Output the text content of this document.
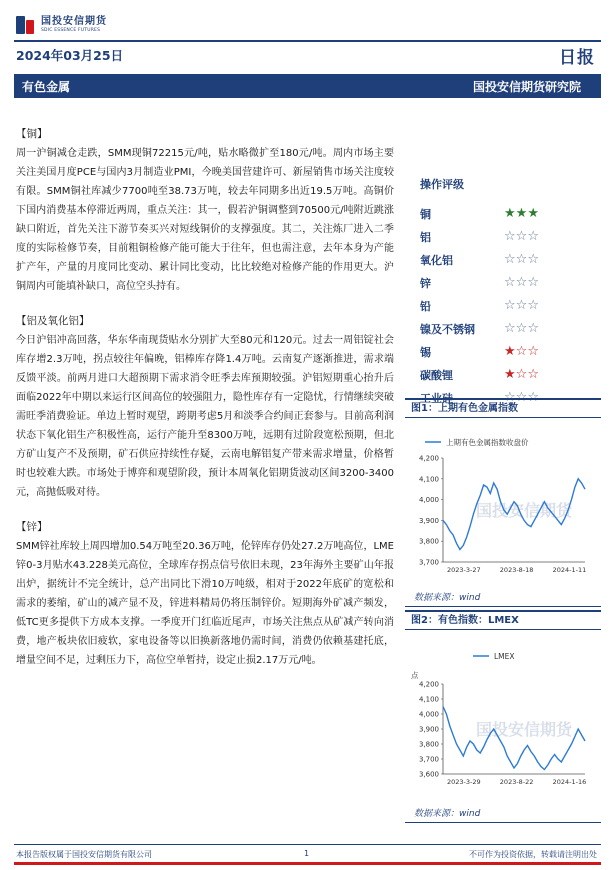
国投安信期货
SDIC ESSENCE FUTURES
2024年03月25日	日报
有色金属	国投安信期货研究院
【铜】
周一沪铜减仓走跌，SMM现铜72215元/吨，贴水略微扩至180元/吨。周内市场主要关注美国月度PCE与国内3月制造业PMI，今晚美国营建许可、新屋销售市场关注度较有限。SMM铜社库减少7700吨至38.73万吨，较去年同期多出近19.5万吨。高铜价下国内消费基本停滞近两周，重点关注：其一，假若沪铜调整到70500元/吨附近跳涨缺口附近，首先关注下游节奏买兴对短线铜价的支撑强度。其二，关注炼厂进入二季度的实际检修节奏，目前粗铜检修产能可能大于往年，但也需注意，去年本身为产能扩产年，产量的月度同比变动、累计同比变动，比比较绝对检修产能的作用更大。沪铜周内可能填补缺口，高位空头持有。
【铝及氧化铝】
今日沪铝冲高回落，华东华南现货贴水分别扩大至80元和120元。过去一周铝锭社会库存增2.3万吨，拐点较往年偏晚，铝棒库存降1.4万吨。云南复产逐渐推进，需求端反馈平淡。前两月进口大超预期下需求消令旺季去库预期较强。沪铝短期重心抬升后面临2022年中期以来运行区间高位的较强阻力，隐性库存有一定隐忧，行情继续突破需旺季消费验证。单边上暂时观望，跨期考虑5月和淡季合约间正套参与。目前高利润状态下氧化铝生产积极性高，运行产能升至8300万吨，远期有过阶段宽松预期，但北方矿山复产不及预期，矿石供应持续性存疑，云南电解铝复产带来需求增量，价格暂时也较难大跌。市场处于博弈和观望阶段，预计本周氧化铝期货波动区间3200-3400元，高抛低吸对待。
【锌】
SMM锌社库较上周四增加0.54万吨至20.36万吨，伦锌库存仍处27.2万吨高位，LME锌0-3月贴水43.228美元高位，全球库存拐点信号依旧未现，23年海外主要矿山年报出炉，据统计不完全统计，总产出同比下滑10万吨级，相对于2022年底矿的宽松和需求的萎缩，矿山的减产显不及，锌进料精局仍将压制锌价。短期海外矿减产频发，低TC更多提供下方成本支撑。一季度开门红临近尾声，市场关注焦点从矿减产转向消费，地产板块依旧疲软，家电设备等以旧换新落地仍需时间，消费仍依赖基建托底，增量空间不足，过剩压力下，高位空单暂持，设定止损2.17万元/吨。
操作评级
铜	★★★
铝	☆☆☆
氧化铝	☆☆☆
锌	☆☆☆
铅	☆☆☆
镍及不锈钢	☆☆☆
锡	★☆☆
碳酸锂	★☆☆
工业硅	☆☆☆
图1：上期有色金属指数
上期有色金属指数收盘价
国投安信期货
3,700
3,800
3,900
4,000
4,100
4,200
2023-3-27	2023-8-18	2024-1-11
数据来源：wind
图2：有色指数：LMEX
LMEX
点
国投安信期货
3,600
3,700
3,800
3,900
4,000
4,100
4,200
2023-3-29	2023-8-22	2024-1-16
数据来源：wind
本报告版权属于国投安信期货有限公司	1	不可作为投资依据，转载请注明出处
